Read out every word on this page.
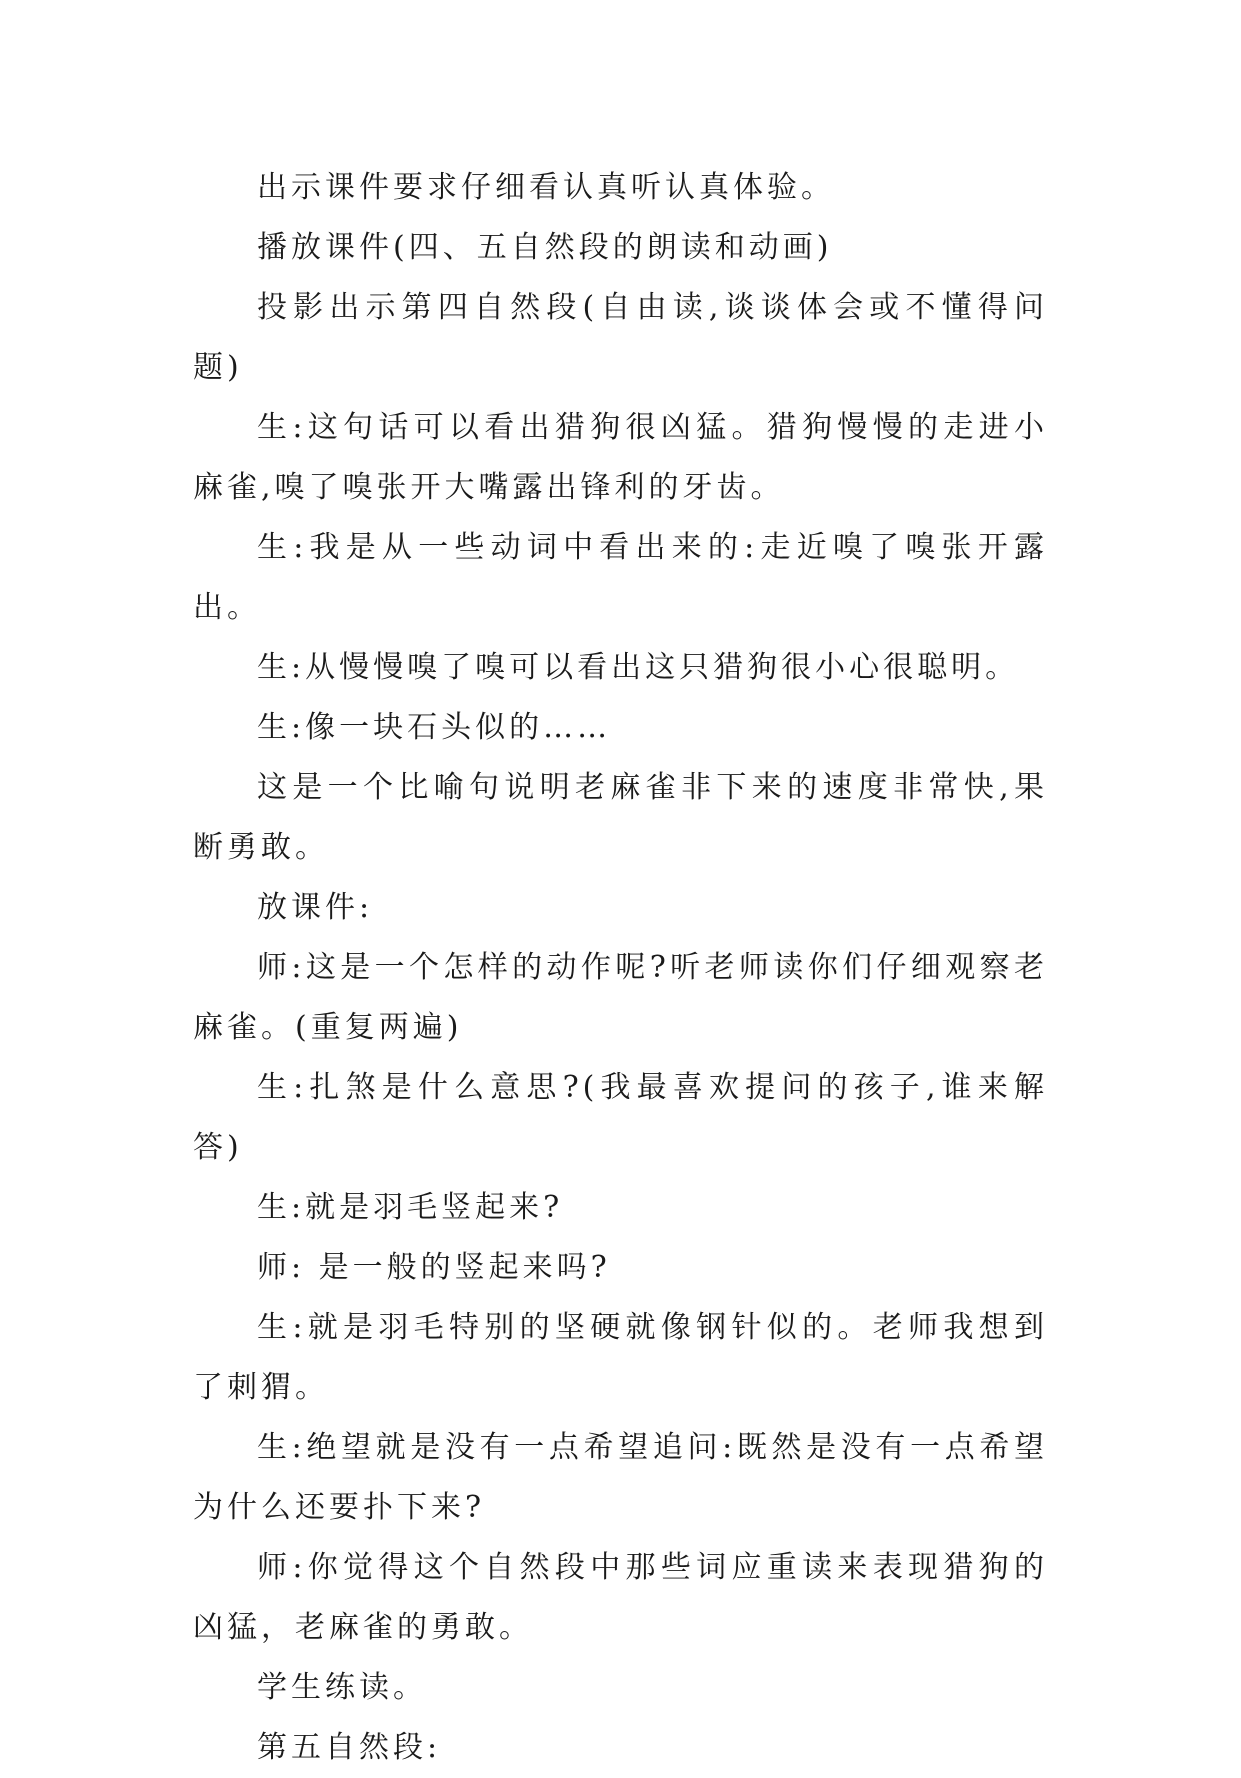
出示课件要求仔细看认真听认真体验。

播放课件(四、五自然段的朗读和动画)

投影出示第四自然段(自由读,谈谈体会或不懂得问题)

生:这句话可以看出猎狗很凶猛。猎狗慢慢的走进小麻雀,嗅了嗅张开大嘴露出锋利的牙齿。

生:我是从一些动词中看出来的:走近嗅了嗅张开露出。

生:从慢慢嗅了嗅可以看出这只猎狗很小心很聪明。

生:像一块石头似的……

这是一个比喻句说明老麻雀非下来的速度非常快,果断勇敢。

放课件:

师:这是一个怎样的动作呢?听老师读你们仔细观察老麻雀。(重复两遍)

生:扎煞是什么意思?(我最喜欢提问的孩子,谁来解答)

生:就是羽毛竖起来?

师: 是一般的竖起来吗?

生:就是羽毛特别的坚硬就像钢针似的。老师我想到了刺猬。

生:绝望就是没有一点希望追问:既然是没有一点希望为什么还要扑下来?

师:你觉得这个自然段中那些词应重读来表现猎狗的凶猛，老麻雀的勇敢。

学生练读。

第五自然段:
